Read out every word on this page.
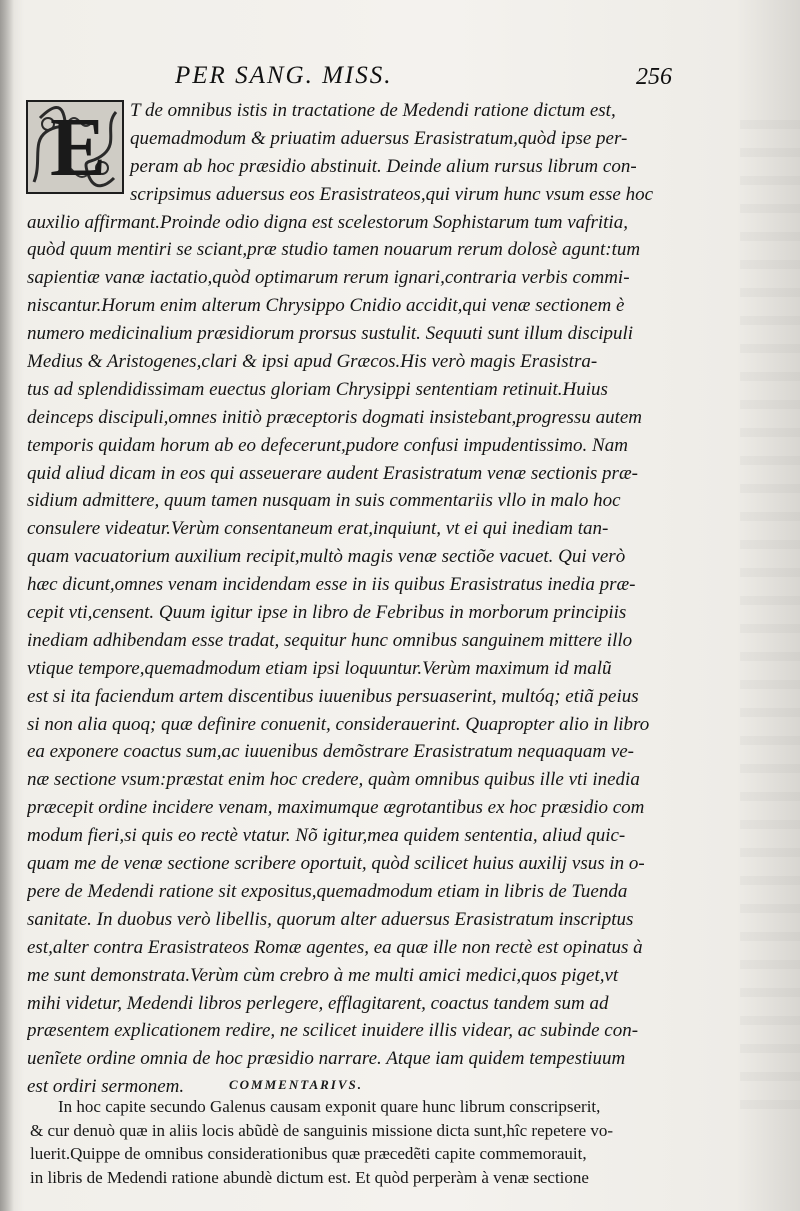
PER SANG. MISS.	256
E	T de omnibus istis in tractatione de Medendi ratione dictum est,
quemadmodum & priuatim aduersus Erasistratum,quòd ipse per-
peram ab hoc præsidio abstinuit. Deinde alium rursus librum con-
scripsimus aduersus eos Erasistrateos,qui virum hunc vsum esse hoc
auxilio affirmant.Proinde odio digna est scelestorum Sophistarum tum vafritia,
quòd quum mentiri se sciant,præ studio tamen nouarum rerum dolosè agunt:tum
sapientiæ vanæ iactatio,quòd optimarum rerum ignari,contraria verbis commi-
niscantur.Horum enim alterum Chrysippo Cnidio accidit,qui venæ sectionem è
numero medicinalium præsidiorum prorsus sustulit. Sequuti sunt illum discipuli
Medius & Aristogenes,clari & ipsi apud Græcos.His verò magis Erasistra-
tus ad splendidissimam euectus gloriam Chrysippi sententiam retinuit.Huius
deinceps discipuli,omnes initiò præceptoris dogmati insistebant,progressu autem
temporis quidam horum ab eo defecerunt,pudore confusi impudentissimo. Nam
quid aliud dicam in eos qui asseuerare audent Erasistratum venæ sectionis præ-
sidium admittere, quum tamen nusquam in suis commentariis vllo in malo hoc
consulere videatur.Verùm consentaneum erat,inquiunt, vt ei qui inediam tan-
quam vacuatorium auxilium recipit,multò magis venæ sectiõe vacuet. Qui verò
hæc dicunt,omnes venam incidendam esse in iis quibus Erasistratus inedia præ-
cepit vti,censent. Quum igitur ipse in libro de Febribus in morborum principiis
inediam adhibendam esse tradat, sequitur hunc omnibus sanguinem mittere illo
vtique tempore,quemadmodum etiam ipsi loquuntur.Verùm maximum id malũ
est si ita faciendum artem discentibus iuuenibus persuaserint, multóq; etiã peius
si non alia quoq; quæ definire conuenit, considerauerint. Quapropter alio in libro
ea exponere coactus sum,ac iuuenibus demõstrare Erasistratum nequaquam ve-
næ sectione vsum:præstat enim hoc credere, quàm omnibus quibus ille vti inedia
præcepit ordine incidere venam, maximumque ægrotantibus ex hoc præsidio com
modum fieri,si quis eo rectè vtatur. Nõ igitur,mea quidem sententia, aliud quic-
quam me de venæ sectione scribere oportuit, quòd scilicet huius auxilij vsus in o-
pere de Medendi ratione sit expositus,quemadmodum etiam in libris de Tuenda
sanitate. In duobus verò libellis, quorum alter aduersus Erasistratum inscriptus
est,alter contra Erasistrateos Romæ agentes, ea quæ ille non rectè est opinatus à
me sunt demonstrata.Verùm cùm crebro à me multi amici medici,quos piget,vt
mihi videtur, Medendi libros perlegere, efflagitarent, coactus tandem sum ad
præsentem explicationem redire, ne scilicet inuidere illis videar, ac subinde con-
uenĩete ordine omnia de hoc præsidio narrare. Atque iam quidem tempestiuum
est ordiri sermonem.	COMMENTARIVS.
In hoc capite secundo Galenus causam exponit quare hunc librum conscripserit,
& cur denuò quæ in aliis locis abũdè de sanguinis missione dicta sunt,hîc repetere vo-
luerit.Quippe de omnibus considerationibus quæ præcedẽti capite commemorauit,
in libris de Medendi ratione abundè dictum est. Et quòd perperàm à venæ sectione
